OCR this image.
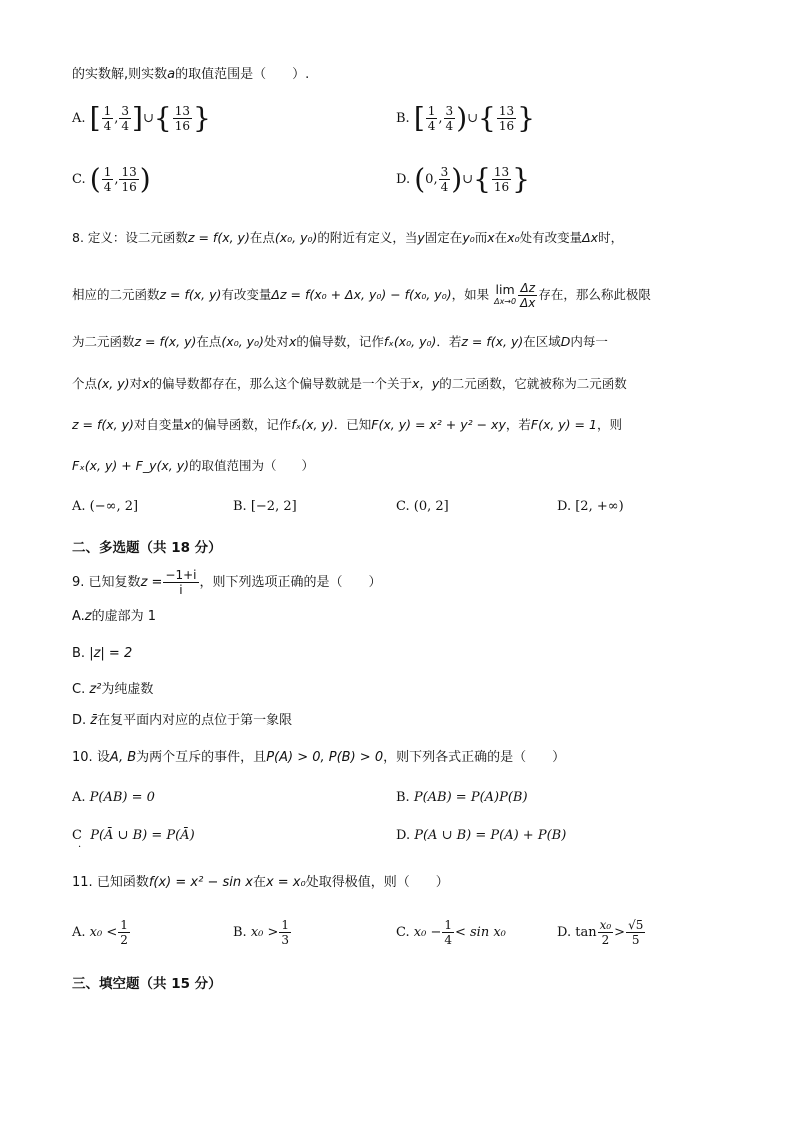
的实数解,则实数a的取值范围是（　　）.
A. [ $\frac{1}{4}$ , $\frac{3}{4}$ ]∪{ $\frac{13}{16}$ }	B. [ $\frac{1}{4}$ , $\frac{3}{4}$ )∪{ $\frac{13}{16}$ }
C. ( $\frac{1}{4}$ , $\frac{13}{16}$ )	D. (0, $\frac{3}{4}$ )∪{ $\frac{13}{16}$ }
8. 定义：设二元函数z = f(x, y)在点(x₀, y₀)的附近有定义，当y固定在y₀而x在x₀处有改变量Δx时，
相应的二元函数z = f(x, y)有改变量Δz = f(x₀ + Δx, y₀) − f(x₀, y₀)，如果 lim
$\Delta x\to 0 \frac{\Delta z}{\Delta x}$ 存在，那么称此极限
为二元函数z = f(x, y)在点(x₀, y₀)处对x的偏导数，记作fₓ(x₀, y₀)．若z = f(x, y)在区域D内每一
个点(x, y)对x的偏导数都存在，那么这个偏导数就是一个关于x，y的二元函数，它就被称为二元函数
z = f(x, y)对自变量x的偏导函数，记作fₓ(x, y)．已知F(x, y) = x² + y² − xy，若F(x, y) = 1，则
Fₓ(x, y) + F_y(x, y)的取值范围为（　　）
A. (−∞, 2]	B. [−2, 2]	C. (0, 2]	D. [2, +∞)
二、多选题（共 18 分）
9. 已知复数$z = \frac{-1+i}{i}$ ，则下列选项正确的是（　　）
A.z的虚部为 1
B. |z| = 2
C. z²为纯虚数
D. z̄在复平面内对应的点位于第一象限
10. 设A, B为两个互斥的事件，且P(A) > 0, P(B) > 0，则下列各式正确的是（　　）
A. P(AB) = 0	B. P(AB) = P(A)P(B)
C P(Ā ∪ B) = P(Ā)
·
D. P(A ∪ B) = P(A) + P(B)
11. 已知函数f(x) = x² − sin x在x = x₀处取得极值，则（　　）
A. $x_0 < \frac{1}{2}$	B. $x_0 > \frac{1}{3}$	C. $x_0 - \frac{1}{4} < \sin x_0$	D. $\tan \frac{\text{x₀}}{2} > \frac{√5}{5}$
三、填空题（共 15 分）
